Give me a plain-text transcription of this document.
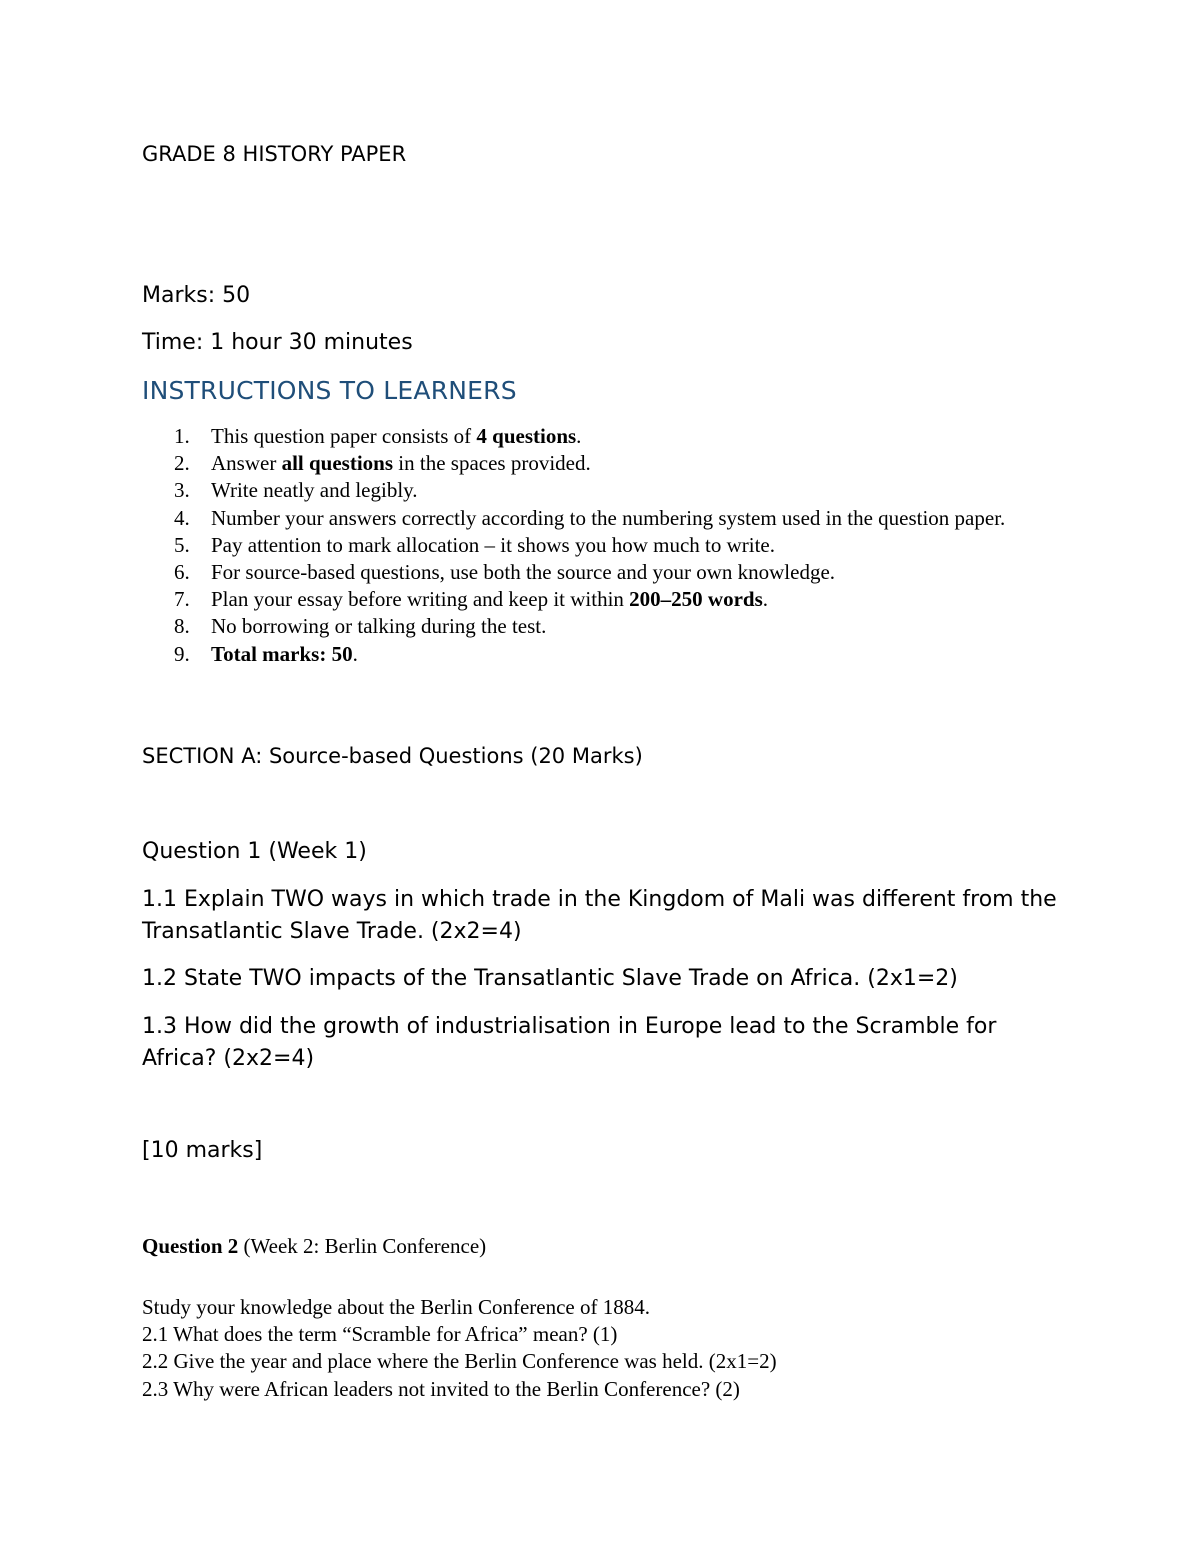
GRADE 8 HISTORY PAPER

Marks: 50

Time: 1 hour 30 minutes

INSTRUCTIONS TO LEARNERS

1. This question paper consists of 4 questions.
2. Answer all questions in the spaces provided.
3. Write neatly and legibly.
4. Number your answers correctly according to the numbering system used in the question paper.
5. Pay attention to mark allocation – it shows you how much to write.
6. For source-based questions, use both the source and your own knowledge.
7. Plan your essay before writing and keep it within 200–250 words.
8. No borrowing or talking during the test.
9. Total marks: 50.

SECTION A: Source-based Questions (20 Marks)

Question 1 (Week 1)

1.1 Explain TWO ways in which trade in the Kingdom of Mali was different from the Transatlantic Slave Trade. (2x2=4)

1.2 State TWO impacts of the Transatlantic Slave Trade on Africa. (2x1=2)

1.3 How did the growth of industrialisation in Europe lead to the Scramble for Africa? (2x2=4)

[10 marks]

Question 2 (Week 2: Berlin Conference)

Study your knowledge about the Berlin Conference of 1884.
2.1 What does the term “Scramble for Africa” mean? (1)
2.2 Give the year and place where the Berlin Conference was held. (2x1=2)
2.3 Why were African leaders not invited to the Berlin Conference? (2)
